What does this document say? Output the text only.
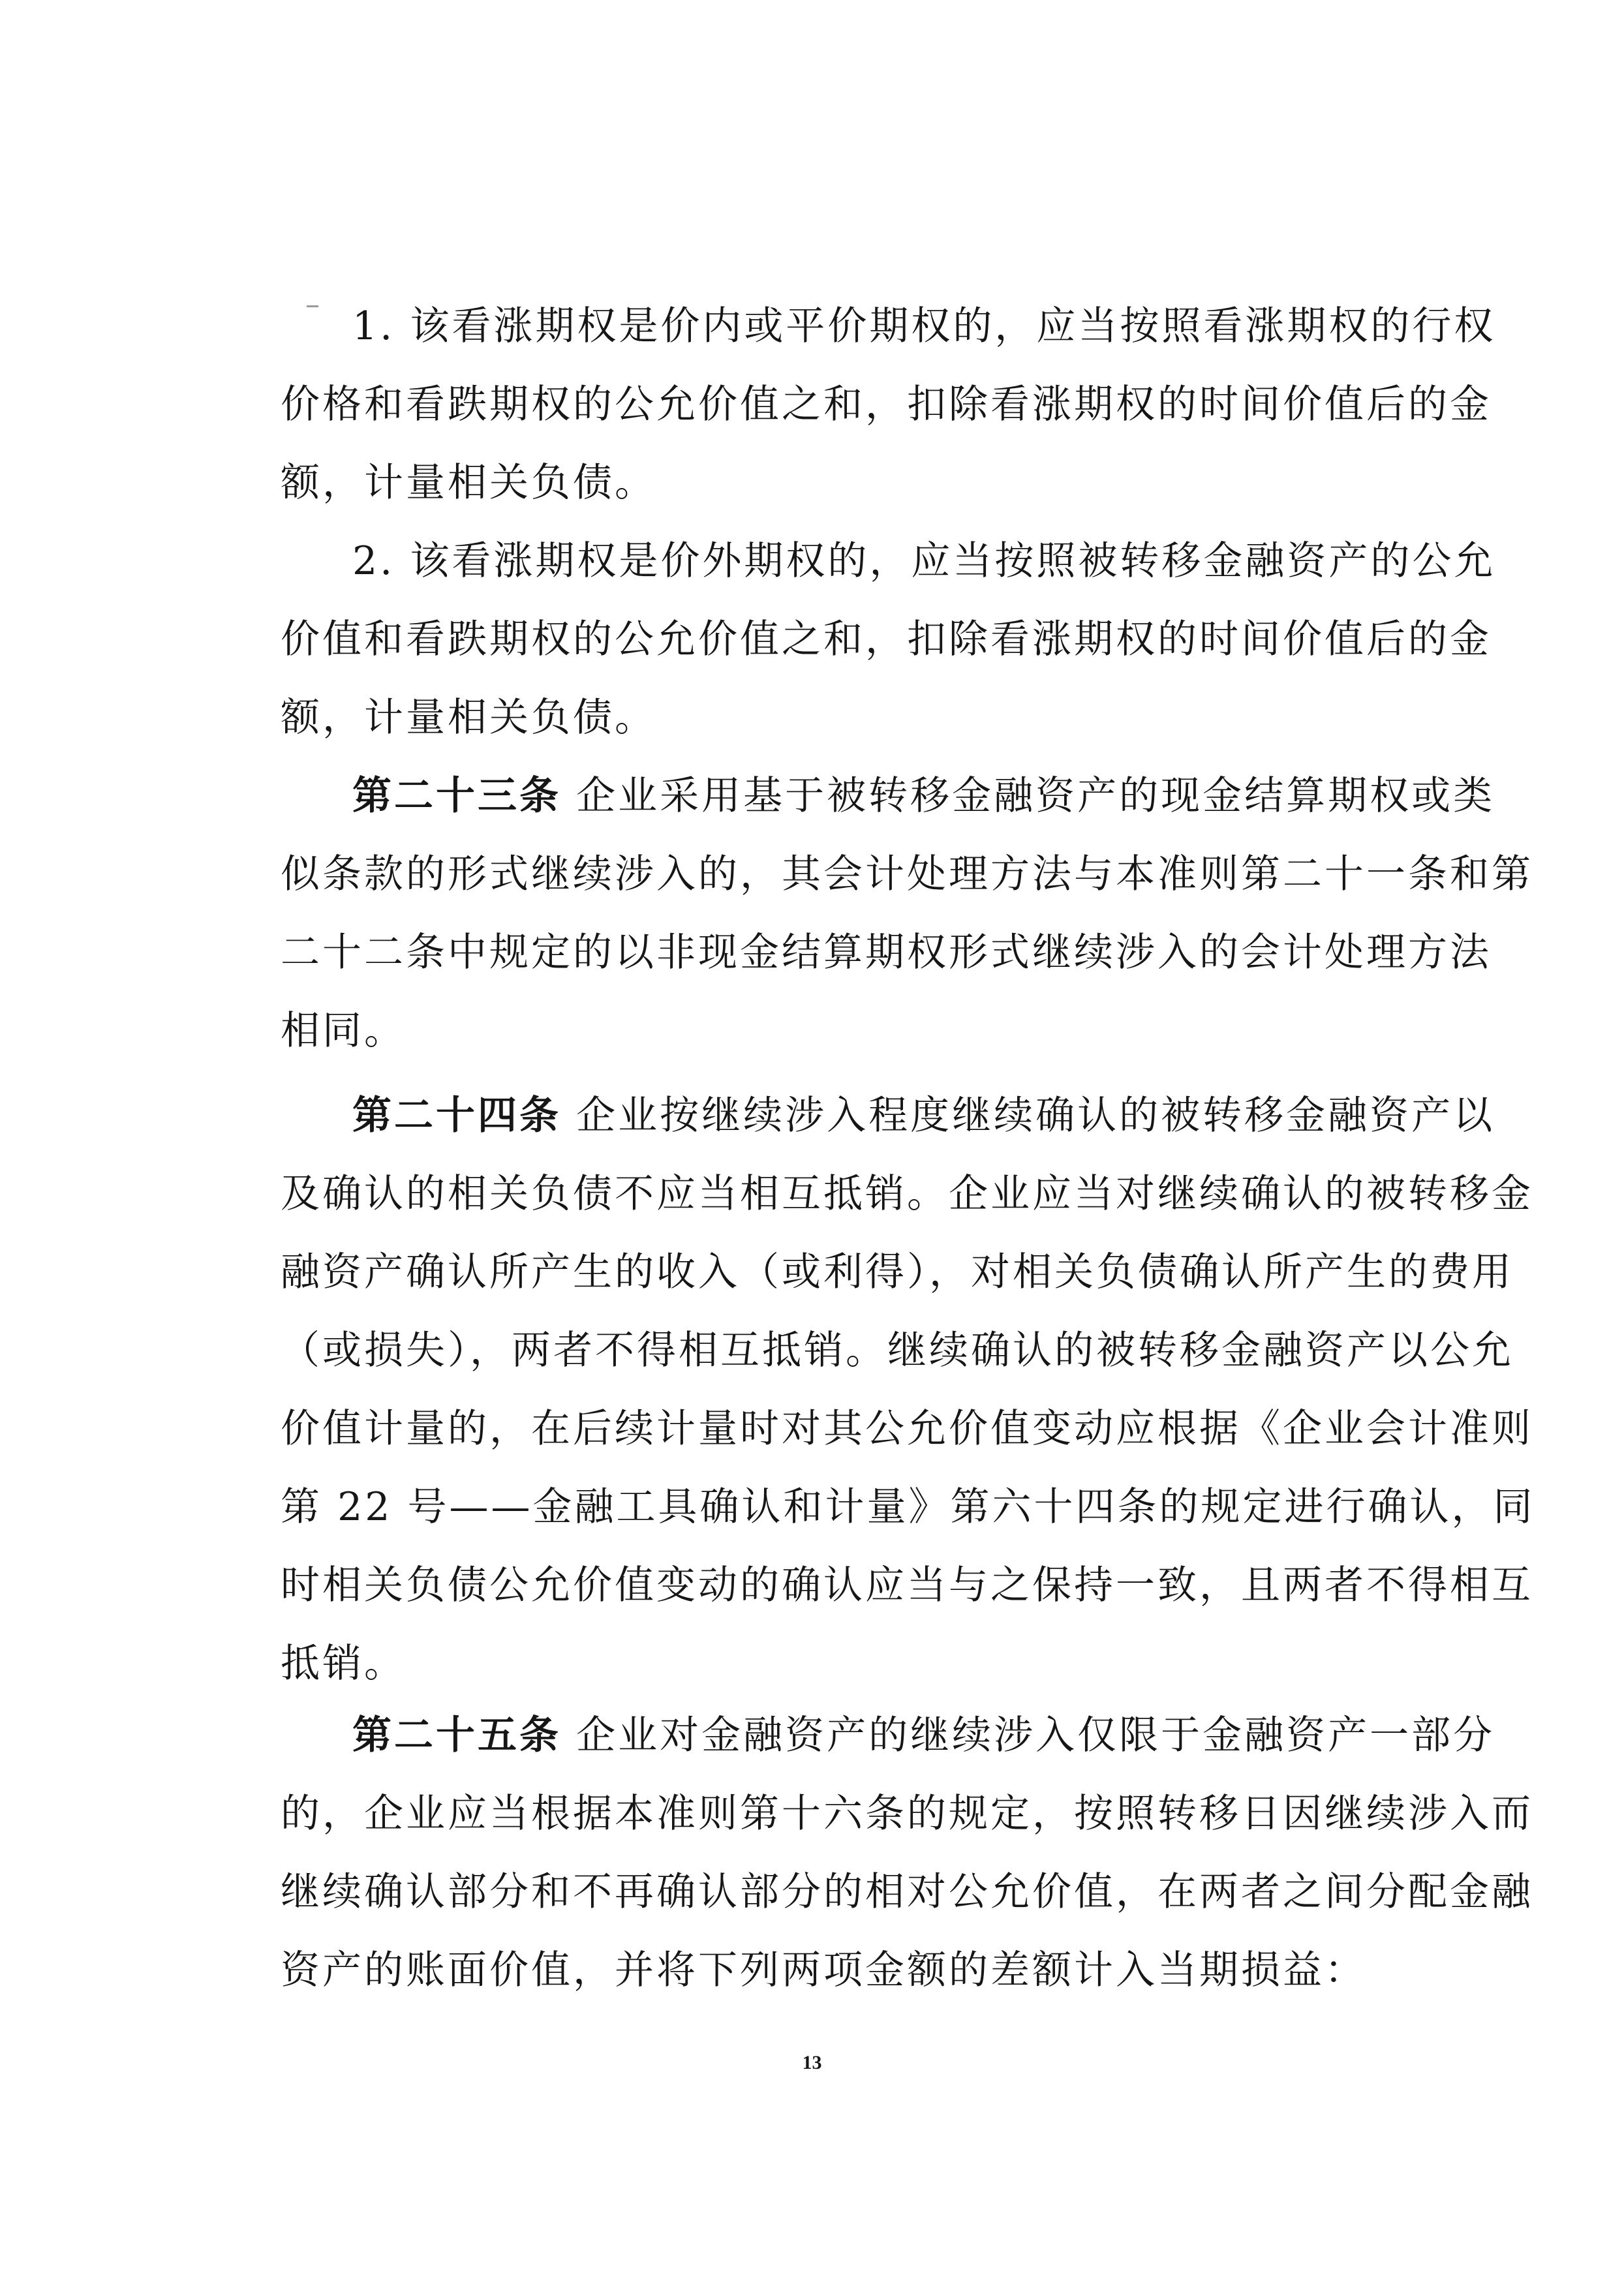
1. 该看涨期权是价内或平价期权的，应当按照看涨期权的行权
价格和看跌期权的公允价值之和，扣除看涨期权的时间价值后的金
额，计量相关负债。
2. 该看涨期权是价外期权的，应当按照被转移金融资产的公允
价值和看跌期权的公允价值之和，扣除看涨期权的时间价值后的金
额，计量相关负债。
第二十三条 企业采用基于被转移金融资产的现金结算期权或类
似条款的形式继续涉入的，其会计处理方法与本准则第二十一条和第
二十二条中规定的以非现金结算期权形式继续涉入的会计处理方法
相同。
第二十四条 企业按继续涉入程度继续确认的被转移金融资产以
及确认的相关负债不应当相互抵销。企业应当对继续确认的被转移金
融资产确认所产生的收入（或利得），对相关负债确认所产生的费用
（或损失），两者不得相互抵销。继续确认的被转移金融资产以公允
价值计量的，在后续计量时对其公允价值变动应根据《企业会计准则
第 22 号——金融工具确认和计量》第六十四条的规定进行确认，同
时相关负债公允价值变动的确认应当与之保持一致，且两者不得相互
抵销。
第二十五条 企业对金融资产的继续涉入仅限于金融资产一部分
的，企业应当根据本准则第十六条的规定，按照转移日因继续涉入而
继续确认部分和不再确认部分的相对公允价值，在两者之间分配金融
资产的账面价值，并将下列两项金额的差额计入当期损益：
13
